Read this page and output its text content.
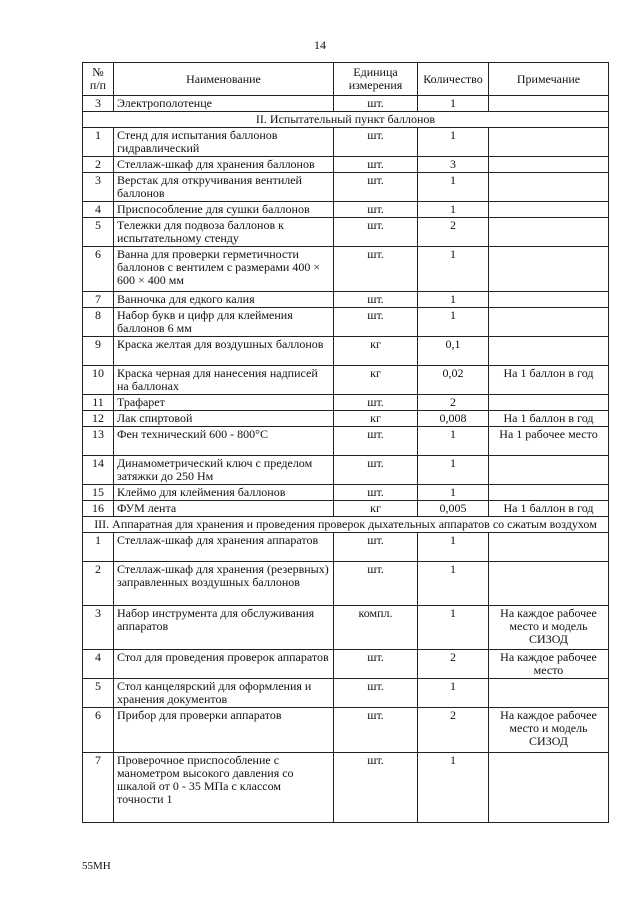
14
№
п/п	Наименование	Единица измерения	Количество	Примечание
3	Электрополотенце	шт.	1	
II. Испытательный пункт баллонов				
1	Стенд для испытания баллонов гидравлический	шт.	1	
2	Стеллаж-шкаф для хранения баллонов	шт.	3	
3	Верстак для откручивания вентилей баллонов	шт.	1	
4	Приспособление для сушки баллонов	шт.	1	
5	Тележки для подвоза баллонов к испытательному стенду	шт.	2	
6	Ванна для проверки герметичности баллонов с вентилем с размерами 400 × 600 × 400 мм	шт.	1	
7	Ванночка для едкого калия	шт.	1	
8	Набор букв и цифр для клеймения баллонов 6 мм	шт.	1	
9	Краска желтая для воздушных баллонов	кг	0,1	
10	Краска черная для нанесения надписей на баллонах	кг	0,02	На 1 баллон в год
11	Трафарет	шт.	2	
12	Лак спиртовой	кг	0,008	На 1 баллон в год
13	Фен технический 600 - 800°С	шт.	1	На 1 рабочее место
14	Динамометрический ключ с пределом затяжки до 250 Нм	шт.	1	
15	Клеймо для клеймения баллонов	шт.	1	
16	ФУМ лента	кг	0,005	На 1 баллон в год
III. Аппаратная для хранения и проведения проверок дыхательных аппаратов со сжатым воздухом				
1	Стеллаж-шкаф для хранения аппаратов	шт.	1	
2	Стеллаж-шкаф для хранения (резервных) заправленных воздушных баллонов	шт.	1	
3	Набор инструмента для обслуживания аппаратов	компл.	1	На каждое рабочее место и модель СИЗОД
4	Стол для проведения проверок аппаратов	шт.	2	На каждое рабочее место
5	Стол канцелярский для оформления и хранения документов	шт.	1	
6	Прибор для проверки аппаратов	шт.	2	На каждое рабочее место и модель СИЗОД
7	Проверочное приспособление с манометром высокого давления со шкалой от 0 - 35 МПа с классом точности 1	шт.	1	
55МН
